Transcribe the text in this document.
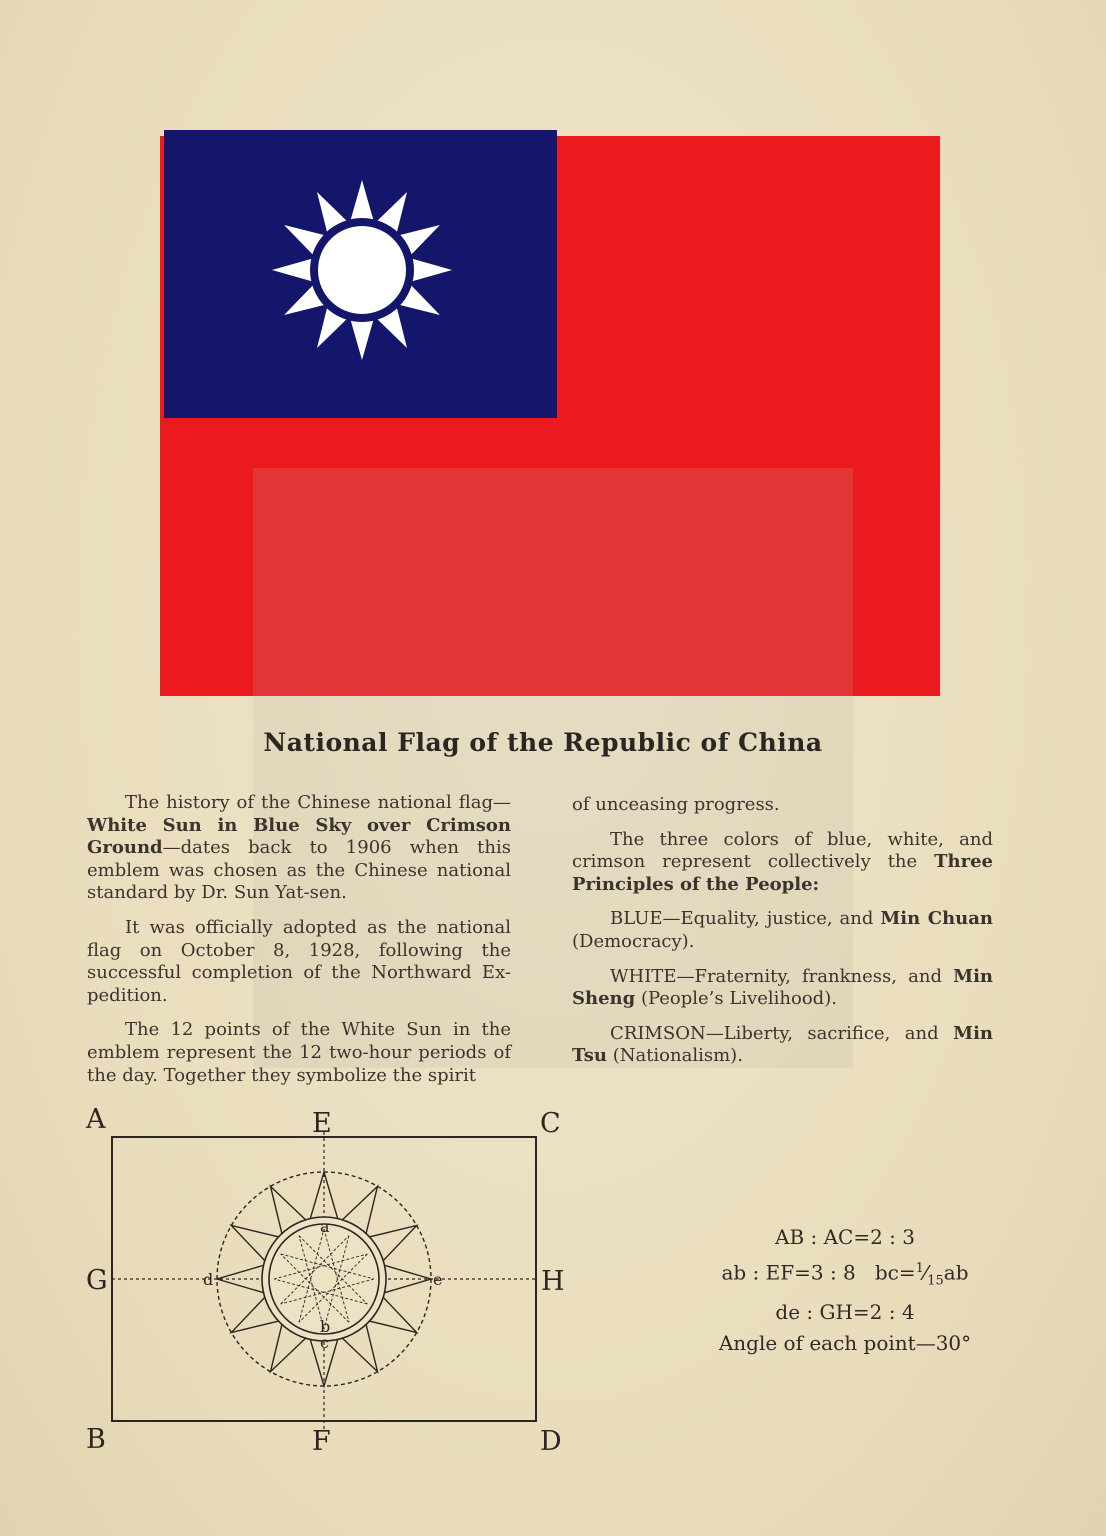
National Flag of the Republic of China

The history of the Chinese national flag—White Sun in Blue Sky over Crimson Ground—dates back to 1906 when this emblem was chosen as the Chinese national standard by Dr. Sun Yat-sen.

It was officially adopted as the national flag on October 8, 1928, following the successful completion of the Northward Ex-pedition.

The 12 points of the White Sun in the emblem represent the 12 two-hour periods of the day. Together they symbolize the spirit

of unceasing progress.

The three colors of blue, white, and crimson represent collectively the Three Principles of the People:

BLUE—Equality, justice, and Min Chuan (Democracy).

WHITE—Fraternity, frankness, and Min Sheng (People’s Livelihood).

CRIMSON—Liberty, sacrifice, and Min Tsu (Nationalism).

A	E	C
G	H
B	F	D
a
b
c
d	e
AB : AC=2 : 3
ab : EF=3 : 8 $bc=^1⁄_{15}ab$
de : GH=2 : 4
Angle of each point—30°
